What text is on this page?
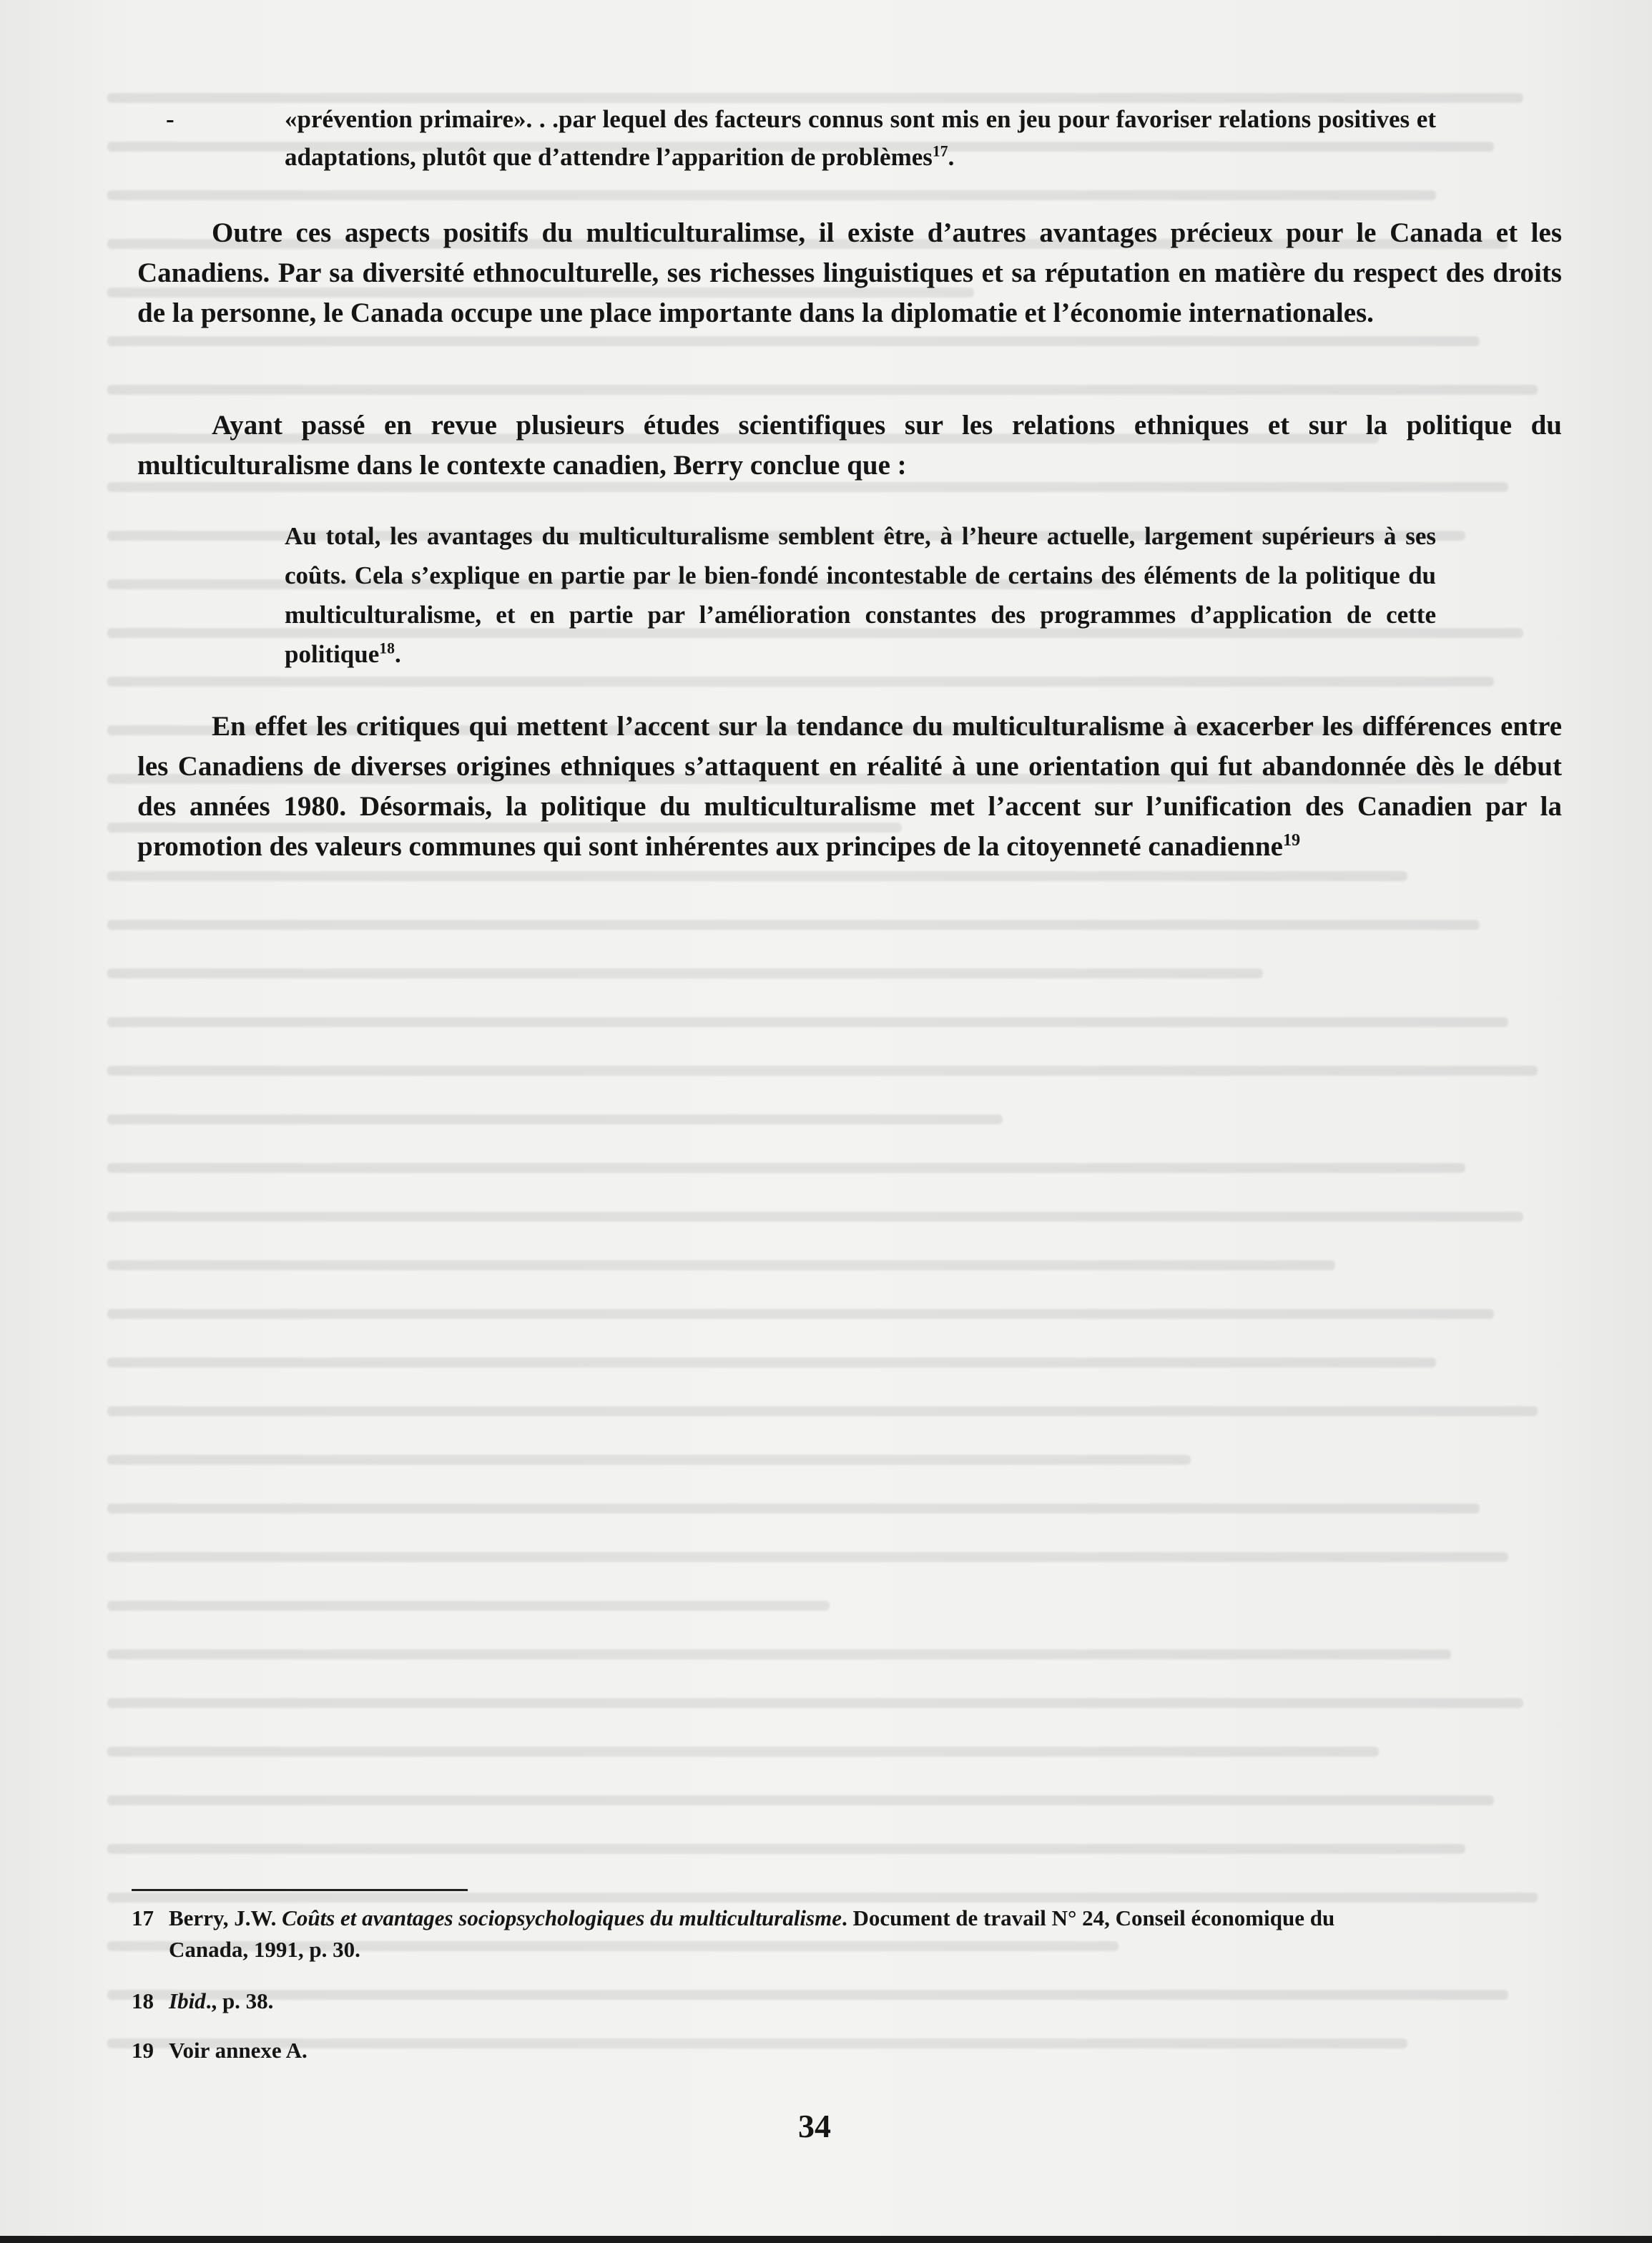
-	«prévention primaire». . .par lequel des facteurs connus sont mis en jeu pour favoriser relations positives et adaptations, plutôt que d’attendre l’apparition de problèmes$^{17}$.
Outre ces aspects positifs du multiculturalimse, il existe d’autres avantages précieux pour le Canada et les Canadiens. Par sa diversité ethnoculturelle, ses richesses linguistiques et sa réputation en matière du respect des droits de la personne, le Canada occupe une place importante dans la diplomatie et l’économie internationales.
Ayant passé en revue plusieurs études scientifiques sur les relations ethniques et sur la politique du multiculturalisme dans le contexte canadien, Berry conclue que :
Au total, les avantages du multiculturalisme semblent être, à l’heure actuelle, largement supérieurs à ses coûts. Cela s’explique en partie par le bien-fondé incontestable de certains des éléments de la politique du multiculturalisme, et en partie par l’amélioration constantes des programmes d’application de cette politique$^{18}$.
En effet les critiques qui mettent l’accent sur la tendance du multiculturalisme à exacerber les différences entre les Canadiens de diverses origines ethniques s’attaquent en réalité à une orientation qui fut abandonnée dès le début des années 1980. Désormais, la politique du multiculturalisme met l’accent sur l’unification des Canadien par la promotion des valeurs communes qui sont inhérentes aux principes de la citoyenneté canadienne$^{19}$
17 Berry, J.W. Coûts et avantages sociopsychologiques du multiculturalisme. Document de travail N° 24, Conseil économique du
Canada, 1991, p. 30.
18 Ibid., p. 38.
19 Voir annexe A.
34
